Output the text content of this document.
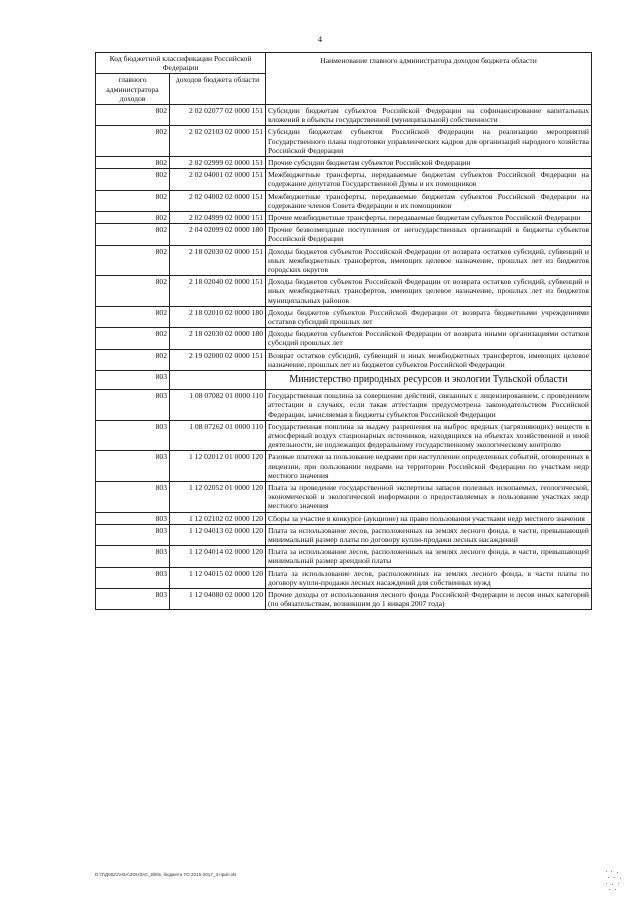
4
Код бюджетной классификации Российской Федерации		Наименование главного администратора доходов бюджета области
главного администратора доходов	доходов бюджета области	
802	2 02 02077 02 0000 151	Субсидии бюджетам субъектов Российской Федерации на софинансирование капитальных вложений в объекты государственной (муниципальной) собственности
802	2 02 02103 02 0000 151	Субсидии бюджетам субъектов Российской Федерации на реализацию мероприятий Государственного плана подготовки управленческих кадров для организаций народного хозяйства Российской Федерации
802	2 02 02999 02 0000 151	Прочие субсидии бюджетам субъектов Российской Федерации
802	2 02 04001 02 0000 151	Межбюджетные трансферты, передаваемые бюджетам субъектов Российской Федерации на содержание депутатов Государственной Думы и их помощников
802	2 02 04002 02 0000 151	Межбюджетные трансферты, передаваемые бюджетам субъектов Российской Федерации на содержание членов Совета Федерации и их помощников
802	2 02 04999 02 0000 151	Прочие межбюджетные трансферты, передаваемые бюджетам субъектов Российской Федерации
802	2 04 02099 02 0000 180	Прочие безвозмездные поступления от негосударственных организаций в бюджеты субъектов Российской Федерации
802	2 18 02030 02 0000 151	Доходы бюджетов субъектов Российской Федерации от возврата остатков субсидий, субвенций и иных межбюджетных трансфертов, имеющих целевое назначение, прошлых лет из бюджетов городских округов
802	2 18 02040 02 0000 151	Доходы бюджетов субъектов Российской Федерации от возврата остатков субсидий, субвенций и иных межбюджетных трансфертов, имеющих целевое назначение, прошлых лет из бюджетов муниципальных районов
802	2 18 02010 02 0000 180	Доходы бюджетов субъектов Российской Федерации от возврата бюджетными учреждениями остатков субсидий прошлых лет
802	2 18 02030 02 0000 180	Доходы бюджетов субъектов Российской Федерации от возврата иными организациями остатков субсидий прошлых лет
802	2 19 02000 02 0000 151	Возврат остатков субсидий, субвенций и иных межбюджетных трансфертов, имеющих целевое назначение, прошлых лет из бюджетов субъектов Российской Федерации
803		Министерство природных ресурсов и экологии Тульской области
803	1 08 07082 01 0000 110	Государственная пошлина за совершение действий, связанных с лицензированием, с проведением аттестации в случаях, если такая аттестация предусмотрена законодательством Российской Федерации, зачисляемая в бюджеты субъектов Российской Федерации
803	1 08 07262 01 0000 110	Государственная пошлина за выдачу разрешения на выброс вредных (загрязняющих) веществ в атмосферный воздух стационарных источников, находящихся на объектах хозяйственной и иной деятельности, не подлежащих федеральному государственному экологическому контролю
803	1 12 02012 01 0000 120	Разовые платежи за пользование недрами при наступлении определенных событий, оговоренных в лицензии, при пользовании недрами на территории Российской Федерации по участкам недр местного значения
803	1 12 02052 01 0000 120	Плата за проведение государственной экспертизы запасов полезных ископаемых, геологической, экономической и экологической информации о предоставляемых в пользование участках недр местного значения
803	1 12 02102 02 0000 120	Сборы за участие в конкурсе (аукционе) на право пользования участками недр местного значения
803	1 12 04013 02 0000 120	Плата за использование лесов, расположенных на землях лесного фонда, в части, превышающей минимальный размер платы по договору купли-продажи лесных насаждений
803	1 12 04014 02 0000 120	Плата за использование лесов, расположенных на землях лесного фонда, в части, превышающей минимальный размер арендной платы
803	1 12 04015 02 0000 120	Плата за использование лесов, расположенных на землях лесного фонда, в части платы по договору купли-продажи лесных насаждений для собственных нужд
803	1 12 04080 02 0000 120	Прочие доходы от использования лесного фонда Российской Федерации и лесов иных категорий (по обязательствам, возникшим до 1 января 2007 года)
D:\T\Д0621\Н3А\ЗОНЗАС_Bl6\к. бюджета ТО 2015-2017_3 прил.xls
